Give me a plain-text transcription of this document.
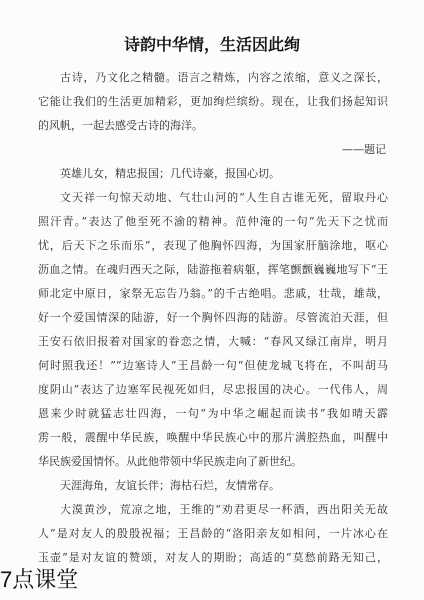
诗韵中华情，生活因此绚
古诗，乃文化之精髓。语言之精炼，内容之浓缩，意义之深长，
它能让我们的生活更加精彩，更加绚烂缤纷。现在，让我们扬起知识
的风帆，一起去感受古诗的海洋。
——题记
英雄儿女，精忠报国；几代诗豪，报国心切。
文天祥一句惊天动地、气壮山河的“人生自古谁无死，留取丹心
照汗青。”表达了他至死不渝的精神。范仲淹的一句“先天下之忧而
忧，后天下之乐而乐”，表现了他胸怀四海，为国家肝脑涂地，呕心
沥血之情。在魂归西天之际，陆游拖着病躯，挥笔颤颤巍巍地写下“王
师北定中原日，家祭无忘告乃翁。”的千古绝唱。悲戚，壮哉，雄哉，
好一个爱国情深的陆游，好一个胸怀四海的陆游。尽管流泊天涯，但
王安石依旧报着对国家的眷恋之情，大喊：“春风又绿江南岸，明月
何时照我还！”“边塞诗人”王昌龄一句“但使龙城飞将在，不叫胡马
度阴山”表达了边塞军民视死如归，尽忠报国的决心。一代伟人，周
恩来少时就猛志壮四海，一句“为中华之崛起而读书”我如晴天霹
雳一般，震醒中华民族，唤醒中华民族心中的那片满腔热血，叫醒中
华民族爱国情怀。从此他带领中华民族走向了新世纪。
天涯海角，友谊长伴；海枯石烂，友情常存。
大漠黄沙，荒凉之地，王维的“劝君更尽一杯酒，西出阳关无故
人”是对友人的殷殷祝福；王昌龄的“洛阳亲友如相问，一片冰心在
玉壶”是对友谊的赞颂，对友人的期盼；高适的“莫愁前路无知己，
7点课堂
